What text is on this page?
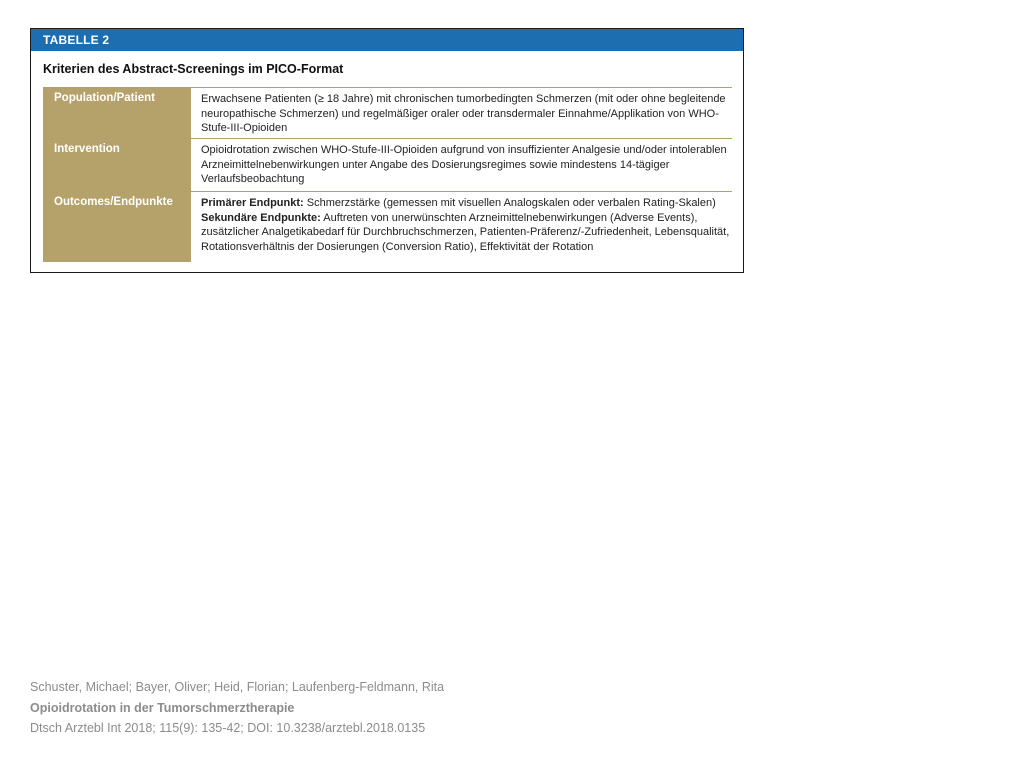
TABELLE 2
Kriterien des Abstract-Screenings im PICO-Format
Population/Patient	Erwachsene Patienten (≥ 18 Jahre) mit chronischen tumorbedingten Schmerzen (mit oder ohne begleitende neuropathische Schmerzen) und regelmäßiger oraler oder transdermaler Einnahme/Applikation von WHO-Stufe-III-Opioiden
Intervention	Opioidrotation zwischen WHO-Stufe-III-Opioiden aufgrund von insuffizienter Analgesie und/oder intolerablen Arzneimittelnebenwirkungen unter Angabe des Dosierungsregimes sowie mindestens 14-tägiger Verlaufsbeobachtung
Outcomes/Endpunkte	Primärer Endpunkt: Schmerzstärke (gemessen mit visuellen Analogskalen oder verbalen Rating-Skalen)
Sekundäre Endpunkte: Auftreten von unerwünschten Arzneimittelnebenwirkungen (Adverse Events), zusätzlicher Analgetikabedarf für Durchbruchschmerzen, Patienten-Präferenz/-Zufriedenheit, Lebensqualität, Rotationsverhältnis der Dosierungen (Conversion Ratio), Effektivität der Rotation
Schuster, Michael; Bayer, Oliver; Heid, Florian; Laufenberg-Feldmann, Rita
Opioidrotation in der Tumorschmerztherapie
Dtsch Arztebl Int 2018; 115(9): 135-42; DOI: 10.3238/arztebl.2018.0135
